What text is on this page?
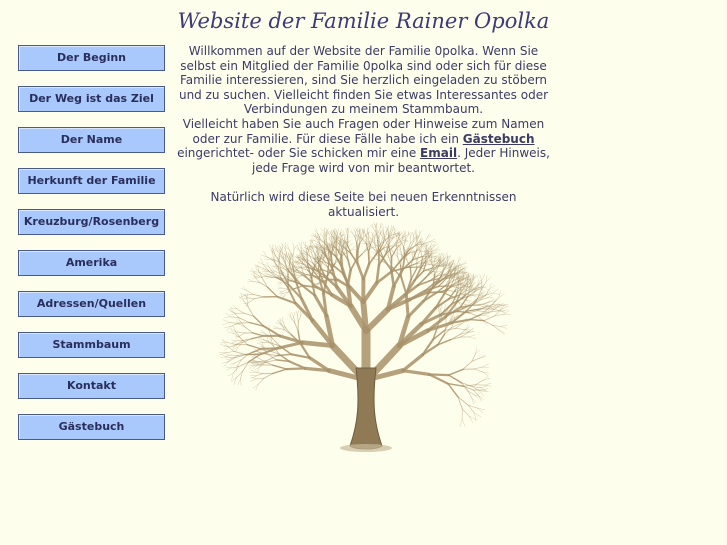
Website der Familie Rainer Opolka
Der Beginn
Der Weg ist das Ziel
Der Name
Herkunft der Familie
Kreuzburg/Rosenberg
Amerika
Adressen/Quellen
Stammbaum
Kontakt
Gästebuch

Willkommen auf der Website der Familie 0polka. Wenn Sie selbst ein Mitglied der Familie 0polka sind oder sich für diese Familie interessieren, sind Sie herzlich eingeladen zu stöbern und zu suchen. Vielleicht finden Sie etwas Interessantes oder Verbindungen zu meinem Stammbaum.

Vielleicht haben Sie auch Fragen oder Hinweise zum Namen oder zur Familie. Für diese Fälle habe ich ein Gästebuch eingerichtet- oder Sie schicken mir eine Email. Jeder Hinweis, jede Frage wird von mir beantwortet.

Natürlich wird diese Seite bei neuen Erkenntnissen aktualisiert.
